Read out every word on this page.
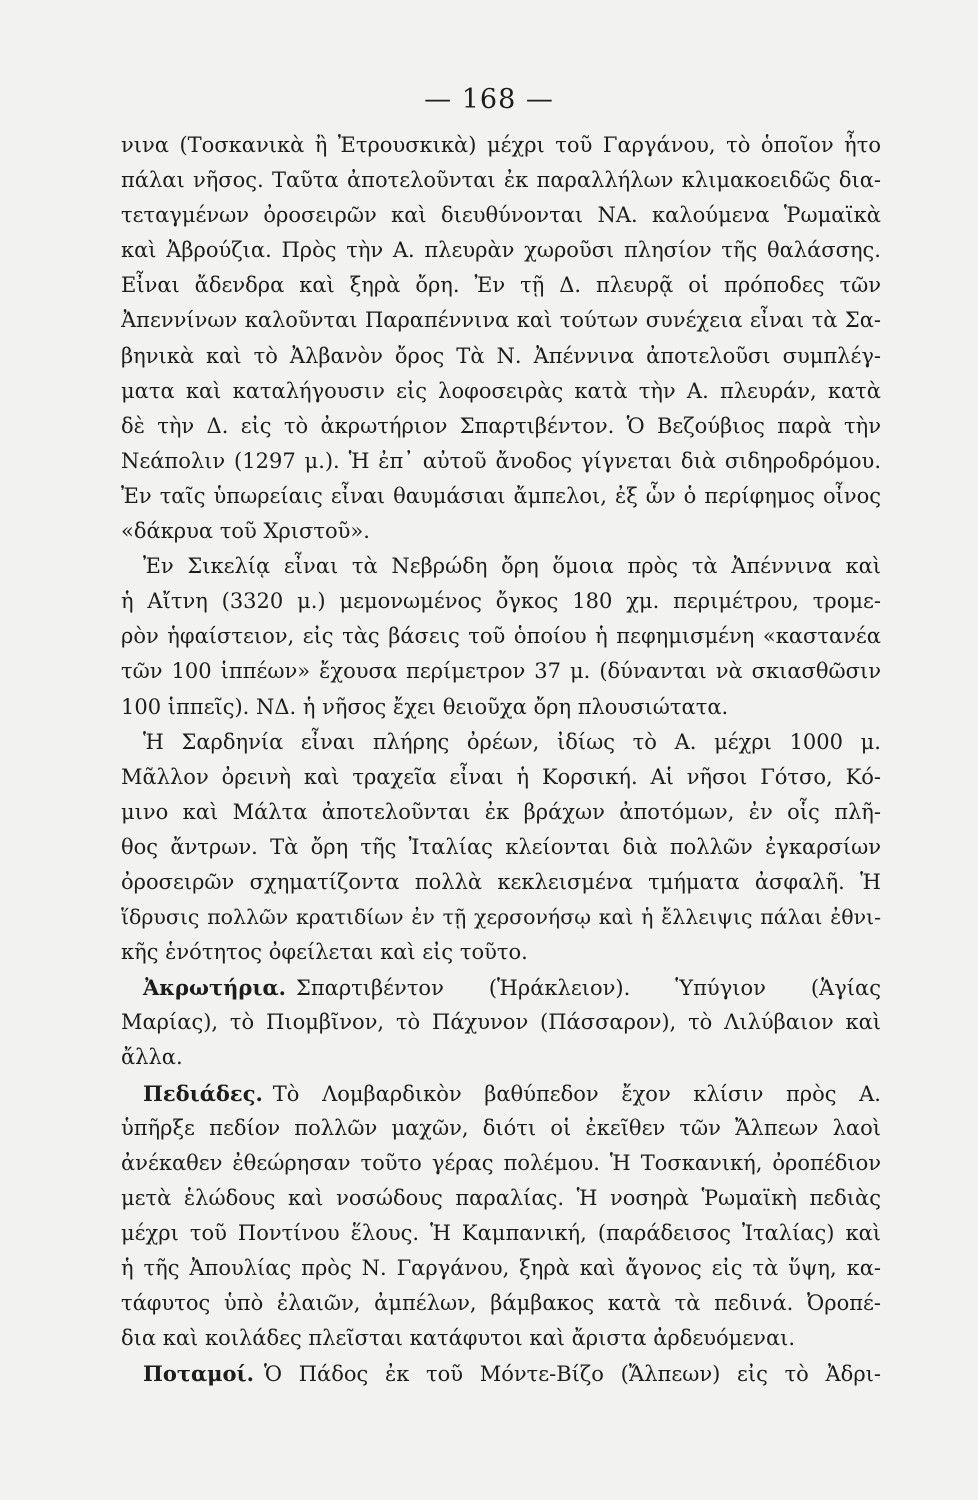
— 168 —
νινα (Τοσκανικὰ ἢ Ἐτρουσκικὰ) μέχρι τοῦ Γαργάνου, τὸ ὁποῖον ἦτο
πάλαι νῆσος. Ταῦτα ἀποτελοῦνται ἐκ παραλλήλων κλιμακοειδῶς δια-
τεταγμένων ὀροσειρῶν καὶ διευθύνονται ΝΑ. καλούμενα Ῥωμαϊκὰ
καὶ Ἀβρούζια. Πρὸς τὴν Α. πλευρὰν χωροῦσι πλησίον τῆς θαλάσσης.
Εἶναι ἄδενδρα καὶ ξηρὰ ὄρη. Ἐν τῇ Δ. πλευρᾷ οἱ πρόποδες τῶν
Ἀπεννίνων καλοῦνται Παραπέννινα καὶ τούτων συνέχεια εἶναι τὰ Σα-
βηνικὰ καὶ τὸ Ἀλβανὸν ὄρος Τὰ Ν. Ἀπέννινα ἀποτελοῦσι συμπλέγ-
ματα καὶ καταλήγουσιν εἰς λοφοσειρὰς κατὰ τὴν Α. πλευράν, κατὰ
δὲ τὴν Δ. εἰς τὸ ἀκρωτήριον Σπαρτιβέντον. Ὁ Βεζούβιος παρὰ τὴν
Νεάπολιν (1297 μ.). Ἡ ἐπ᾿ αὐτοῦ ἄνοδος γίγνεται διὰ σιδηροδρόμου.
Ἐν ταῖς ὑπωρείαις εἶναι θαυμάσιαι ἄμπελοι, ἐξ ὧν ὁ περίφημος οἶνος
«δάκρυα τοῦ Χριστοῦ».
Ἐν Σικελίᾳ εἶναι τὰ Νεβρώδη ὄρη ὅμοια πρὸς τὰ Ἀπέννινα καὶ
ἡ Αἴτνη (3320 μ.) μεμονωμένος ὄγκος 180 χμ. περιμέτρου, τρομε-
ρὸν ἡφαίστειον, εἰς τὰς βάσεις τοῦ ὁποίου ἡ πεφημισμένη «καστανέα
τῶν 100 ἱππέων» ἔχουσα περίμετρον 37 μ. (δύνανται νὰ σκιασθῶσιν
100 ἱππεῖς). ΝΔ. ἡ νῆσος ἔχει θειοῦχα ὄρη πλουσιώτατα.
Ἡ Σαρδηνία εἶναι πλήρης ὀρέων, ἰδίως τὸ Α. μέχρι 1000 μ.
Μᾶλλον ὀρεινὴ καὶ τραχεῖα εἶναι ἡ Κορσική. Αἱ νῆσοι Γότσο, Κό-
μινο καὶ Μάλτα ἀποτελοῦνται ἐκ βράχων ἀποτόμων, ἐν οἷς πλῆ-
θος ἄντρων. Τὰ ὄρη τῆς Ἰταλίας κλείονται διὰ πολλῶν ἐγκαρσίων
ὀροσειρῶν σχηματίζοντα πολλὰ κεκλεισμένα τμήματα ἀσφαλῆ. Ἡ
ἵδρυσις πολλῶν κρατιδίων ἐν τῇ χερσονήσῳ καὶ ἡ ἔλλειψις πάλαι ἐθνι-
κῆς ἑνότητος ὀφείλεται καὶ εἰς τοῦτο.
Ἀκρωτήρια. Σπαρτιβέντον (Ἡράκλειον). Ὑπύγιον (Ἁγίας
Μαρίας), τὸ Πιομβῖνον, τὸ Πάχυνον (Πάσσαρον), τὸ Λιλύβαιον καὶ
ἄλλα.
Πεδιάδες. Τὸ Λομβαρδικὸν βαθύπεδον ἔχον κλίσιν πρὸς Α.
ὑπῆρξε πεδίον πολλῶν μαχῶν, διότι οἱ ἐκεῖθεν τῶν Ἄλπεων λαοὶ
ἀνέκαθεν ἐθεώρησαν τοῦτο γέρας πολέμου. Ἡ Τοσκανική, ὀροπέδιον
μετὰ ἑλώδους καὶ νοσώδους παραλίας. Ἡ νοσηρὰ Ῥωμαϊκὴ πεδιὰς
μέχρι τοῦ Ποντίνου ἕλους. Ἡ Καμπανική, (παράδεισος Ἰταλίας) καὶ
ἡ τῆς Ἀπουλίας πρὸς Ν. Γαργάνου, ξηρὰ καὶ ἄγονος εἰς τὰ ὕψη, κα-
τάφυτος ὑπὸ ἐλαιῶν, ἀμπέλων, βάμβακος κατὰ τὰ πεδινά. Ὀροπέ-
δια καὶ κοιλάδες πλεῖσται κατάφυτοι καὶ ἄριστα ἀρδευόμεναι.
Ποταμοί. Ὁ Πάδος ἐκ τοῦ Μόντε-Βίζο (Ἄλπεων) εἰς τὸ Ἀδρι-
